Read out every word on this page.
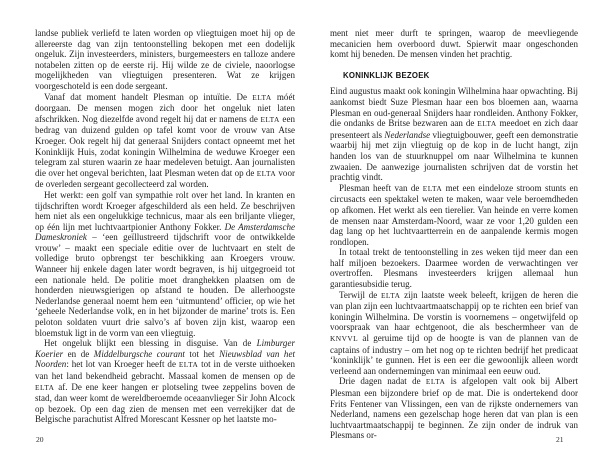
landse publiek verliefd te laten worden op vliegtuigen moet hij op de allereerste dag van zijn tentoonstelling bekopen met een dodelijk ongeluk. Zijn investeerders, ministers, burgemeesters en talloze andere notabelen zitten op de eerste rij. Hij wilde ze de civiele, naoorlogse mogelijkheden van vliegtuigen presenteren. Wat ze krijgen voorgeschoteld is een dode sergeant.

Vanaf dat moment handelt Plesman op intuïtie. De ELTA móét doorgaan. De mensen mogen zich door het ongeluk niet laten afschrikken. Nog diezelfde avond regelt hij dat er namens de ELTA een bedrag van duizend gulden op tafel komt voor de vrouw van Atse Kroeger. Ook regelt hij dat generaal Snijders contact opneemt met het Koninklijk Huis, zodat koningin Wilhelmina de weduwe Kroeger een telegram zal sturen waarin ze haar medeleven betuigt. Aan journalisten die over het ongeval berichten, laat Plesman weten dat op de ELTA voor de overleden sergeant gecollecteerd zal worden.

Het werkt: een golf van sympathie rolt over het land. In kranten en tijdschriften wordt Kroeger afgeschilderd als een held. Ze beschrijven hem niet als een ongelukkige technicus, maar als een briljante vlieger, op één lijn met luchtvaartpionier Anthony Fokker. De Amsterdamsche Dameskroniek – ‘een geïllustreerd tijdschrift voor de ontwikkelde vrouw’ – maakt een speciale editie over de luchtvaart en stelt de volledige bruto opbrengst ter beschikking aan Kroegers vrouw. Wanneer hij enkele dagen later wordt begraven, is hij uitgegroeid tot een nationale held. De politie moet dranghekken plaatsen om de honderden nieuwsgierigen op afstand te houden. De allerhoogste Nederlandse generaal noemt hem een ‘uitmuntend’ officier, op wie het ‘geheele Nederlandse volk, en in het bijzonder de marine’ trots is. Een peloton soldaten vuurt drie salvo’s af boven zijn kist, waarop een bloemstuk ligt in de vorm van een vliegtuig.

Het ongeluk blijkt een blessing in disguise. Van de Limburger Koerier en de Middelburgsche courant tot het Nieuwsblad van het Noorden: het lot van Kroeger heeft de ELTA tot in de verste uithoeken van het land bekendheid gebracht. Massaal komen de mensen op de ELTA af. De ene keer hangen er plotseling twee zeppelins boven de stad, dan weer komt de wereldberoemde oceaanvlieger Sir John Alcock op bezoek. Op een dag zien de mensen met een verrekijker dat de Belgische parachutist Alfred Morescant Kessner op het laatste mo-

ment niet meer durft te springen, waarop de meevliegende mecanicien hem overboord duwt. Spierwit maar ongeschonden komt hij beneden. De mensen vinden het prachtig.

KONINKLIJK BEZOEK

Eind augustus maakt ook koningin Wilhelmina haar opwachting. Bij aankomst biedt Suze Plesman haar een bos bloemen aan, waarna Plesman en oud-generaal Snijders haar rondleiden. Anthony Fokker, die ondanks de Britse bezwaren aan de ELTA meedoet en zich daar presenteert als Nederlandse vliegtuigbouwer, geeft een demonstratie waarbij hij met zijn vliegtuig op de kop in de lucht hangt, zijn handen los van de stuurknuppel om naar Wilhelmina te kunnen zwaaien. De aanwezige journalisten schrijven dat de vorstin het prachtig vindt.

Plesman heeft van de ELTA met een eindeloze stroom stunts en circusacts een spektakel weten te maken, waar vele beroemdheden op afkomen. Het werkt als een tierelier. Van heinde en verre komen de mensen naar Amsterdam-Noord, waar ze voor 1,20 gulden een dag lang op het luchtvaartterrein en de aanpalende kermis mogen rondlopen.

In totaal trekt de tentoonstelling in zes weken tijd meer dan een half miljoen bezoekers. Daarmee worden de verwachtingen ver overtroffen. Plesmans investeerders krijgen allemaal hun garantiesubsidie terug.

Terwijl de ELTA zijn laatste week beleeft, krijgen de heren die van plan zijn een luchtvaartmaatschappij op te richten een brief van koningin Wilhelmina. De vorstin is voornemens – ongetwijfeld op voorspraak van haar echtgenoot, die als beschermheer van de KNVVL al geruime tijd op de hoogte is van de plannen van de captains of industry – om het nog op te richten bedrijf het predicaat ‘koninklijk’ te gunnen. Het is een eer die gewoonlijk alleen wordt verleend aan ondernemingen van minimaal een eeuw oud.

Drie dagen nadat de ELTA is afgelopen valt ook bij Albert Plesman een bijzondere brief op de mat. Die is ondertekend door Frits Fentener van Vlissingen, een van de rijkste ondernemers van Nederland, namens een gezelschap hoge heren dat van plan is een luchtvaartmaatschappij te beginnen. Ze zijn onder de indruk van Plesmans or-

20	21
